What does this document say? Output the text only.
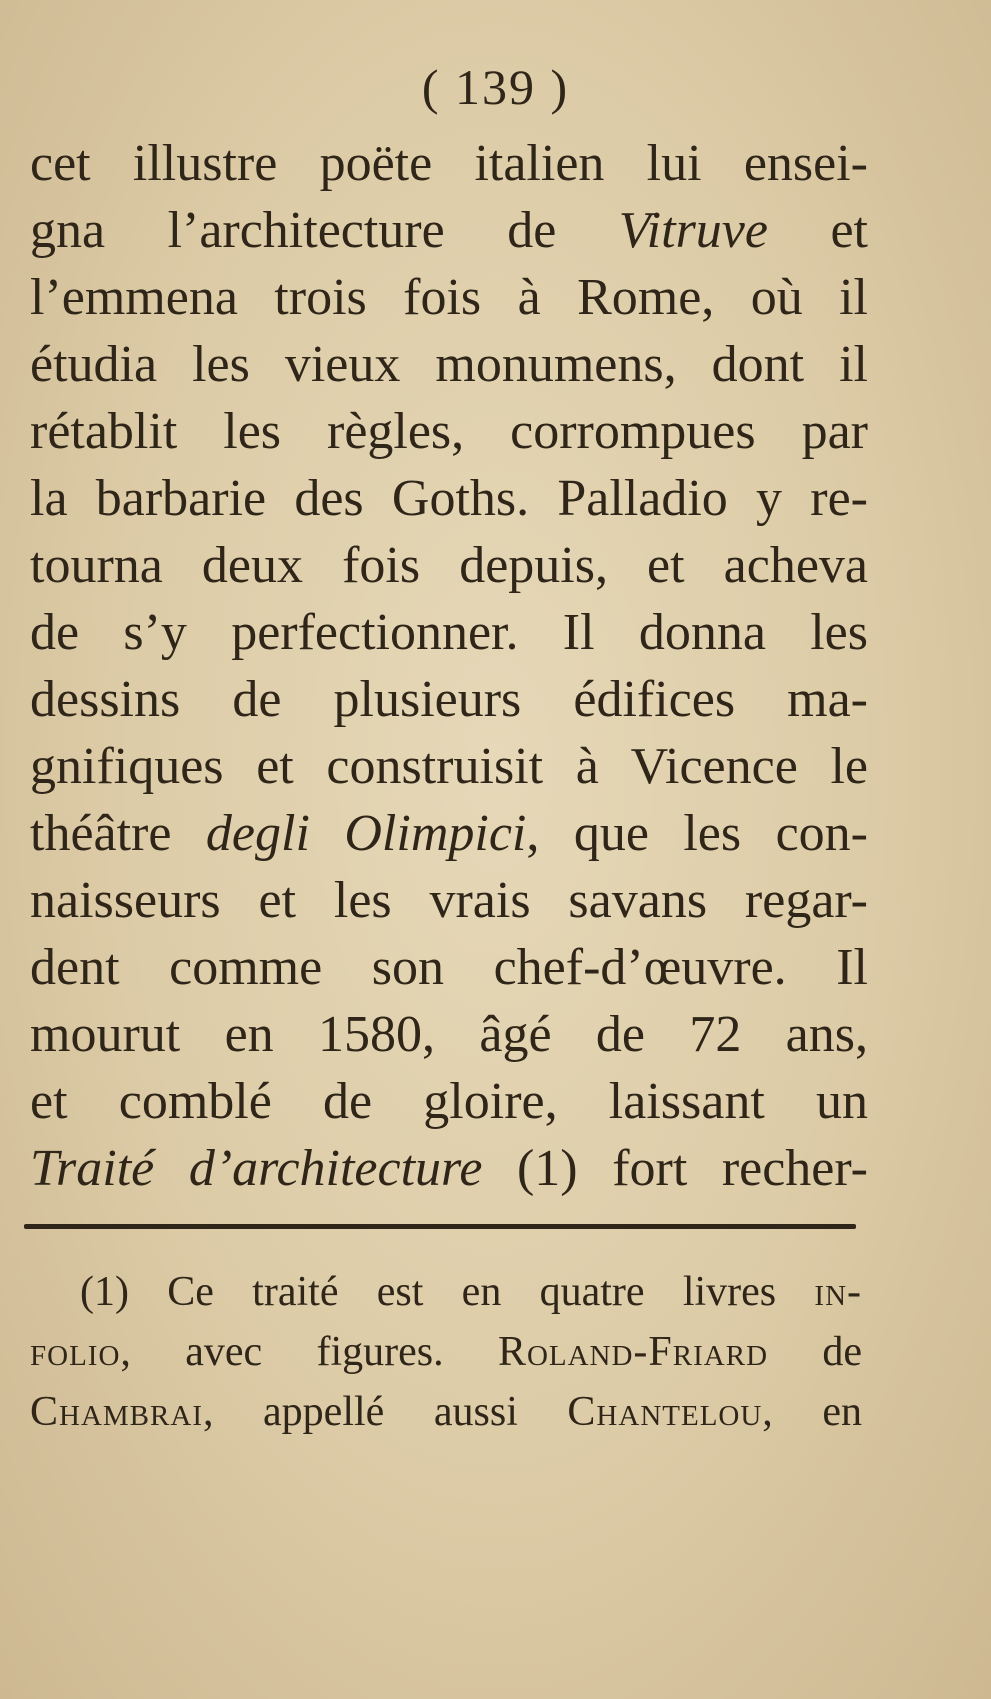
( 139 )
cet illustre poëte italien lui ensei-
gna l’architecture de Vitruve et
l’emmena trois fois à Rome, où il
étudia les vieux monumens, dont il
rétablit les règles, corrompues par
la barbarie des Goths. Palladio y re-
tourna deux fois depuis, et acheva
de s’y perfectionner. Il donna les
dessins de plusieurs édifices ma-
gnifiques et construisit à Vicence le
théâtre degli Olimpici, que les con-
naisseurs et les vrais savans regar-
dent comme son chef-d’œuvre. Il
mourut en 1580, âgé de 72 ans,
et comblé de gloire, laissant un
Traité d’architecture (1) fort recher-
(1) Ce traité est en quatre livres in-
folio, avec figures. Roland-Friard de
Chambrai, appellé aussi Chantelou, en
